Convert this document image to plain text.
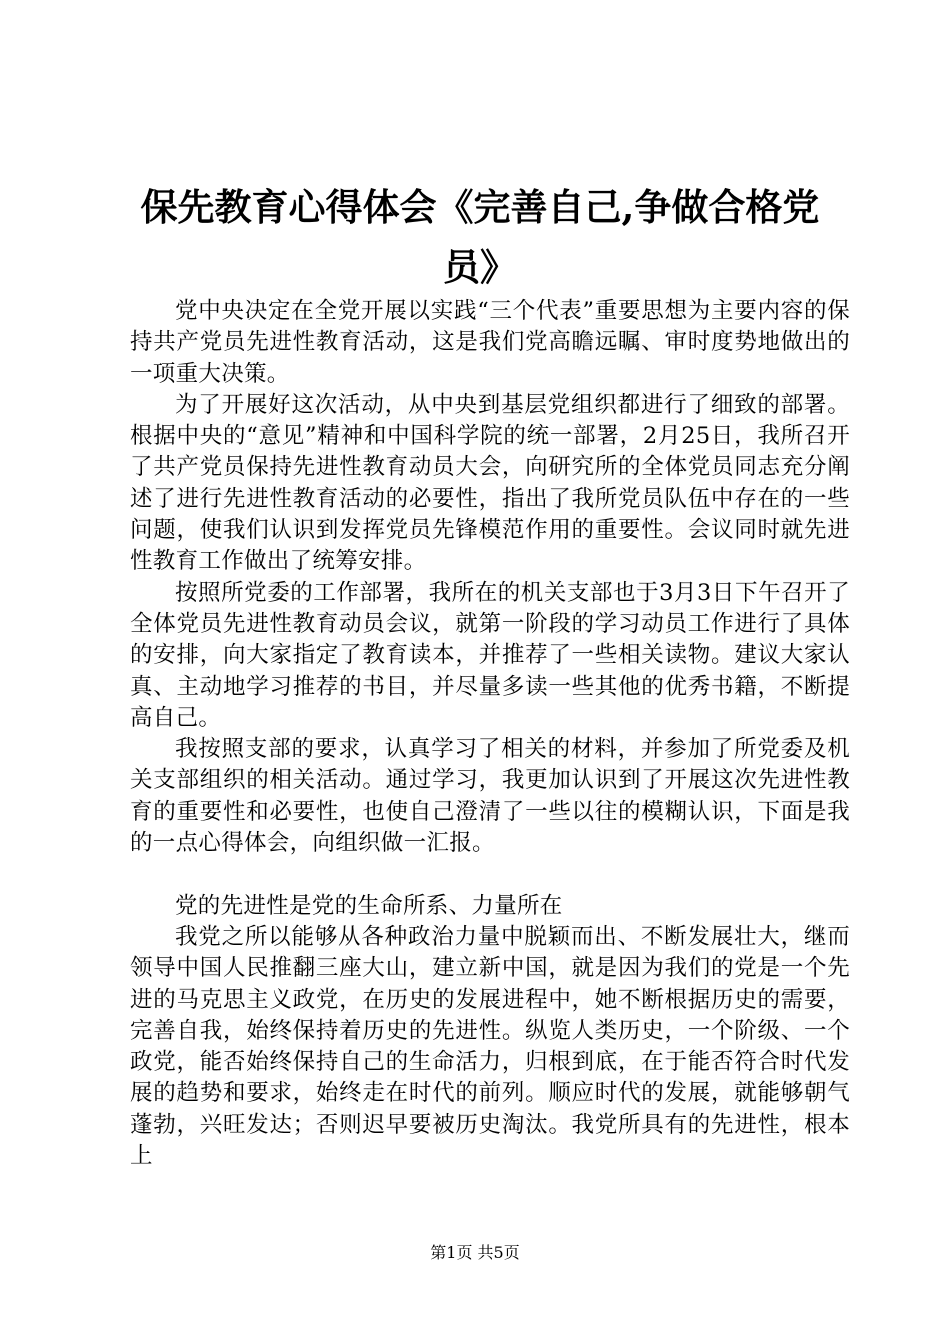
保先教育心得体会《完善自己,争做合格党
员》

党中央决定在全党开展以实践“三个代表”重要思想为主要内容的保持共产党员先进性教育活动，这是我们党高瞻远瞩、审时度势地做出的一项重大决策。

为了开展好这次活动，从中央到基层党组织都进行了细致的部署。根据中央的“意见”精神和中国科学院的统一部署，2月25日，我所召开了共产党员保持先进性教育动员大会，向研究所的全体党员同志充分阐述了进行先进性教育活动的必要性，指出了我所党员队伍中存在的一些问题，使我们认识到发挥党员先锋模范作用的重要性。会议同时就先进性教育工作做出了统筹安排。

按照所党委的工作部署，我所在的机关支部也于3月3日下午召开了全体党员先进性教育动员会议，就第一阶段的学习动员工作进行了具体的安排，向大家指定了教育读本，并推荐了一些相关读物。建议大家认真、主动地学习推荐的书目，并尽量多读一些其他的优秀书籍，不断提高自己。

我按照支部的要求，认真学习了相关的材料，并参加了所党委及机关支部组织的相关活动。通过学习，我更加认识到了开展这次先进性教育的重要性和必要性，也使自己澄清了一些以往的模糊认识，下面是我的一点心得体会，向组织做一汇报。

党的先进性是党的生命所系、力量所在

我党之所以能够从各种政治力量中脱颖而出、不断发展壮大，继而领导中国人民推翻三座大山，建立新中国，就是因为我们的党是一个先进的马克思主义政党，在历史的发展进程中，她不断根据历史的需要，完善自我，始终保持着历史的先进性。纵览人类历史，一个阶级、一个政党，能否始终保持自己的生命活力，归根到底，在于能否符合时代发展的趋势和要求，始终走在时代的前列。顺应时代的发展，就能够朝气蓬勃，兴旺发达；否则迟早要被历史淘汰。我党所具有的先进性，根本上

第1页 共5页
